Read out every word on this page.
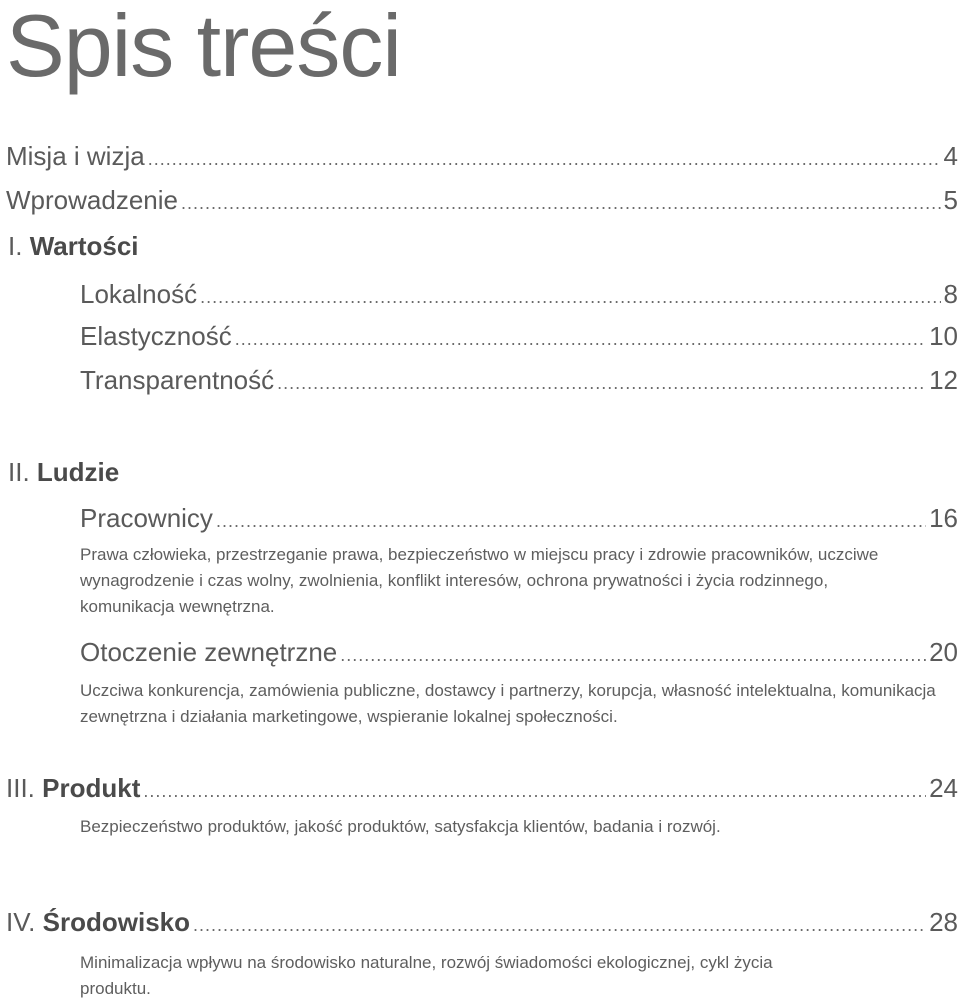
Spis treści
Misja i wizja .....	4
Wprowadzenie .....	5
I. Wartości
Lokalność .....	8
Elastyczność .....	10
Transparentność .....	12
II. Ludzie
Pracownicy .....	16
Prawa człowieka, przestrzeganie prawa, bezpieczeństwo w miejscu pracy i zdrowie pracowników, uczciwe wynagrodzenie i czas wolny, zwolnienia, konflikt interesów, ochrona prywatności i życia rodzinnego, komunikacja wewnętrzna.
Otoczenie zewnętrzne .....	20
Uczciwa konkurencja, zamówienia publiczne, dostawcy i partnerzy, korupcja, własność intelektualna, komunikacja zewnętrzna i działania marketingowe, wspieranie lokalnej społeczności.
III. Produkt .....	24
Bezpieczeństwo produktów, jakość produktów, satysfakcja klientów, badania i rozwój.
IV. Środowisko .....	28
Minimalizacja wpływu na środowisko naturalne, rozwój świadomości ekologicznej, cykl życia produktu.
